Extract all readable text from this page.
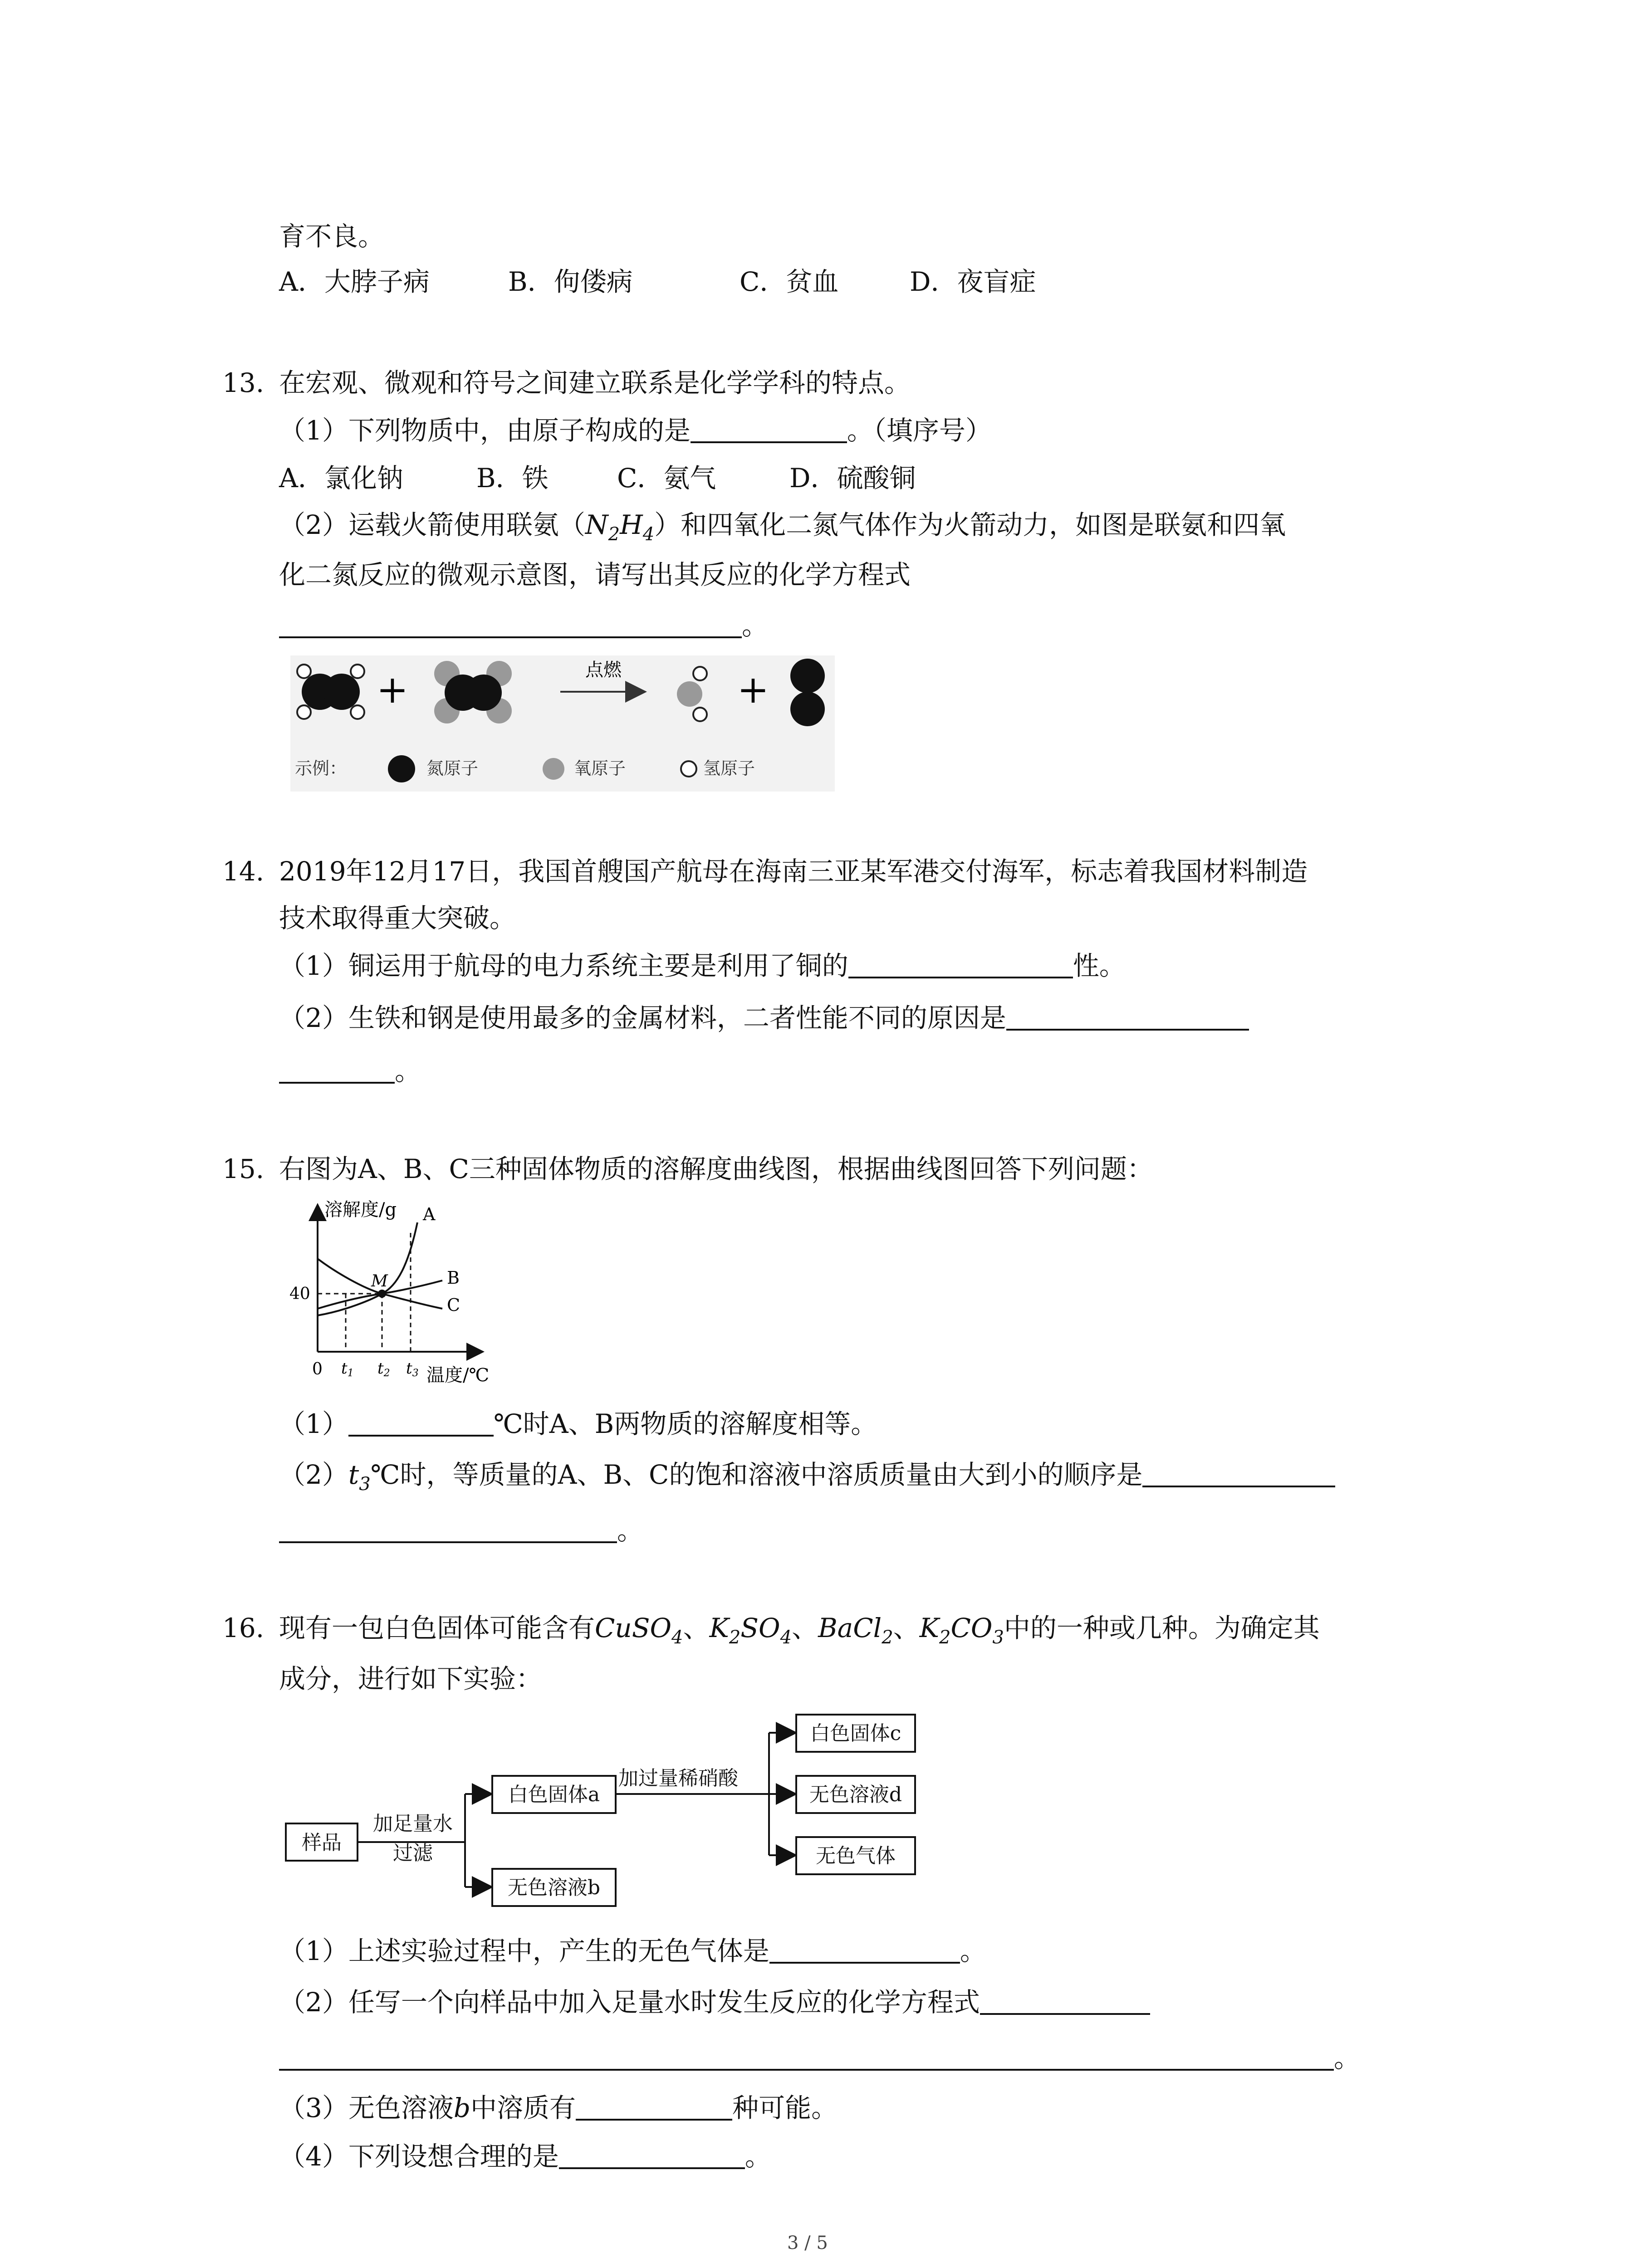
育不良。
A．大脖子病	B．佝偻病	C．贫血	D．夜盲症
13. 在宏观、微观和符号之间建立联系是化学学科的特点。
（1）下列物质中，由原子构成的是	。（填序号）
A．氯化钠	B．铁	C．氨气	D．硫酸铜
（2）运载火箭使用联氨$(N_2H_4)$和四氧化二氮气体作为火箭动力，如图是联氨和四氧
化二氮反应的微观示意图，请写出其反应的化学方程式
。
+	点燃	+
示例：	氮原子	氧原子	氢原子
14. 2019年12月17日，我国首艘国产航母在海南三亚某军港交付海军，标志着我国材料制造
技术取得重大突破。
（1）铜运用于航母的电力系统主要是利用了铜的	性。
（2）生铁和钢是使用最多的金属材料，二者性能不同的原因是
。
15. 右图为A、B、C三种固体物质的溶解度曲线图，根据曲线图回答下列问题：
溶解度/g A
B
C
M
40
0 t1 t2 t3 温度/℃
（1）	℃时A、B两物质的溶解度相等。
$(2)t_3℃$时，等质量的A、B、C的饱和溶液中溶质质量由大到小的顺序是
。
16. 现有一包白色固体可能含有CuSO$_4$、$K_2SO_4$、BaCl$_2$、$K_2CO_3$中的一种或几种。为确定其
成分，进行如下实验：
样品
加足量水
过滤
白色固体a
无色溶液b
加过量稀硝酸
白色固体c
无色溶液d
无色气体
（1）上述实验过程中，产生的无色气体是	。
（2）任写一个向样品中加入足量水时发生反应的化学方程式
。
（3）无色溶液b中溶质有	种可能。
（4）下列设想合理的是	。
3 / 5
